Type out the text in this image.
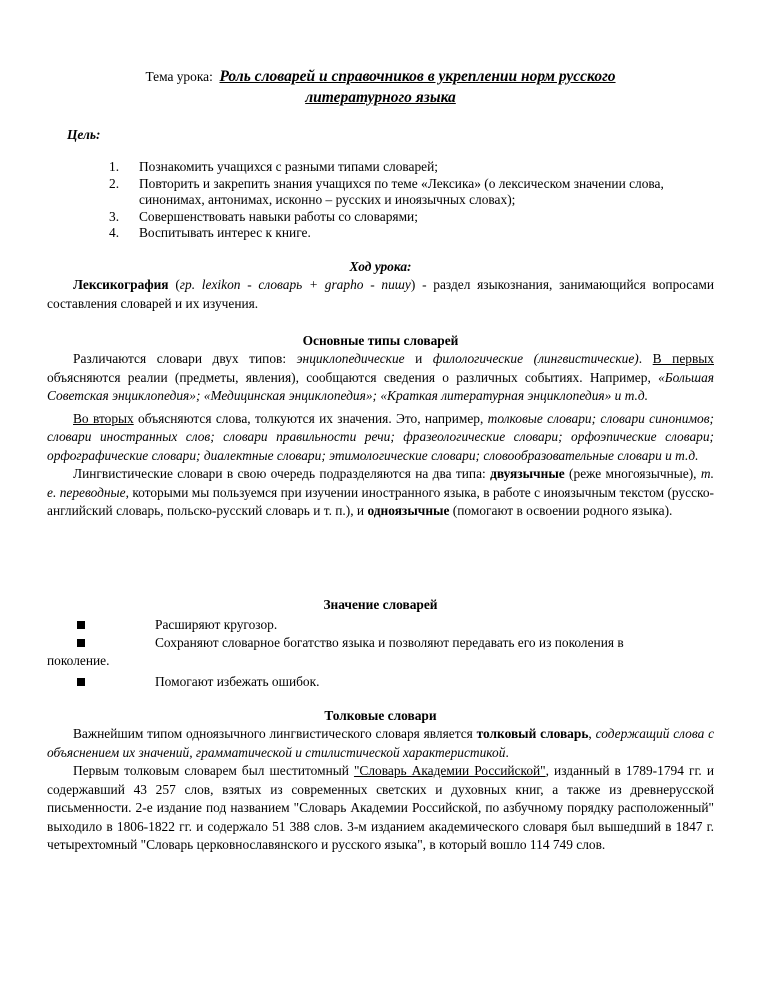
Тема урока: Роль словарей и справочников в укреплении норм русского
литературного языка
Цель:
1.	Познакомить учащихся с разными типами словарей;
2.	Повторить и закрепить знания учащихся по теме «Лексика» (о лексическом значении слова, синонимах, антонимах, исконно – русских и иноязычных словах);
3.	Совершенствовать навыки работы со словарями;
4.	Воспитывать интерес к книге.
Ход урока:

Лексикография (гр. lexikon - словарь + grapho - пишу) - раздел языкознания, занимающийся вопросами составления словарей и их изучения.

Основные типы словарей

Различаются словари двух типов: энциклопедические и филологические (лингвистические). В первых объясняются реалии (предметы, явления), сообщаются сведения о различных событиях. Например, «Большая Советская энциклопедия»; «Медицинская энциклопедия»; «Краткая литературная энциклопедия» и т.д.

Во вторых объясняются слова, толкуются их значения. Это, например, толковые словари; словари синонимов; словари иностранных слов; словари правильности речи; фразеологические словари; орфоэпические словари; орфографические словари; диалектные словари; этимологические словари; словообразовательные словари и т.д.

Лингвистические словари в свою очередь подразделяются на два типа: двуязычные (реже многоязычные), т. е. переводные, которыми мы пользуемся при изучении иностранного языка, в работе с иноязычным текстом (русско-английский словарь, польско-русский словарь и т. п.), и одноязычные (помогают в освоении родного языка).

Значение словарей
Расширяют кругозор.
Сохраняют словарное богатство языка и позволяют передавать его из поколения в
поколение.
Помогают избежать ошибок.
Толковые словари

Важнейшим типом одноязычного лингвистического словаря является толковый словарь, содержащий слова с объяснением их значений, грамматической и стилистической характеристикой.

Первым толковым словарем был шеститомный "Словарь Академии Российской", изданный в 1789-1794 гг. и содержавший 43 257 слов, взятых из современных светских и духовных книг, а также из древнерусской письменности. 2-е издание под названием "Словарь Академии Российской, по азбучному порядку расположенный" выходило в 1806-1822 гг. и содержало 51 388 слов. 3-м изданием академического словаря был вышедший в 1847 г. четырехтомный "Словарь церковнославянского и русского языка", в который вошло 114 749 слов.
